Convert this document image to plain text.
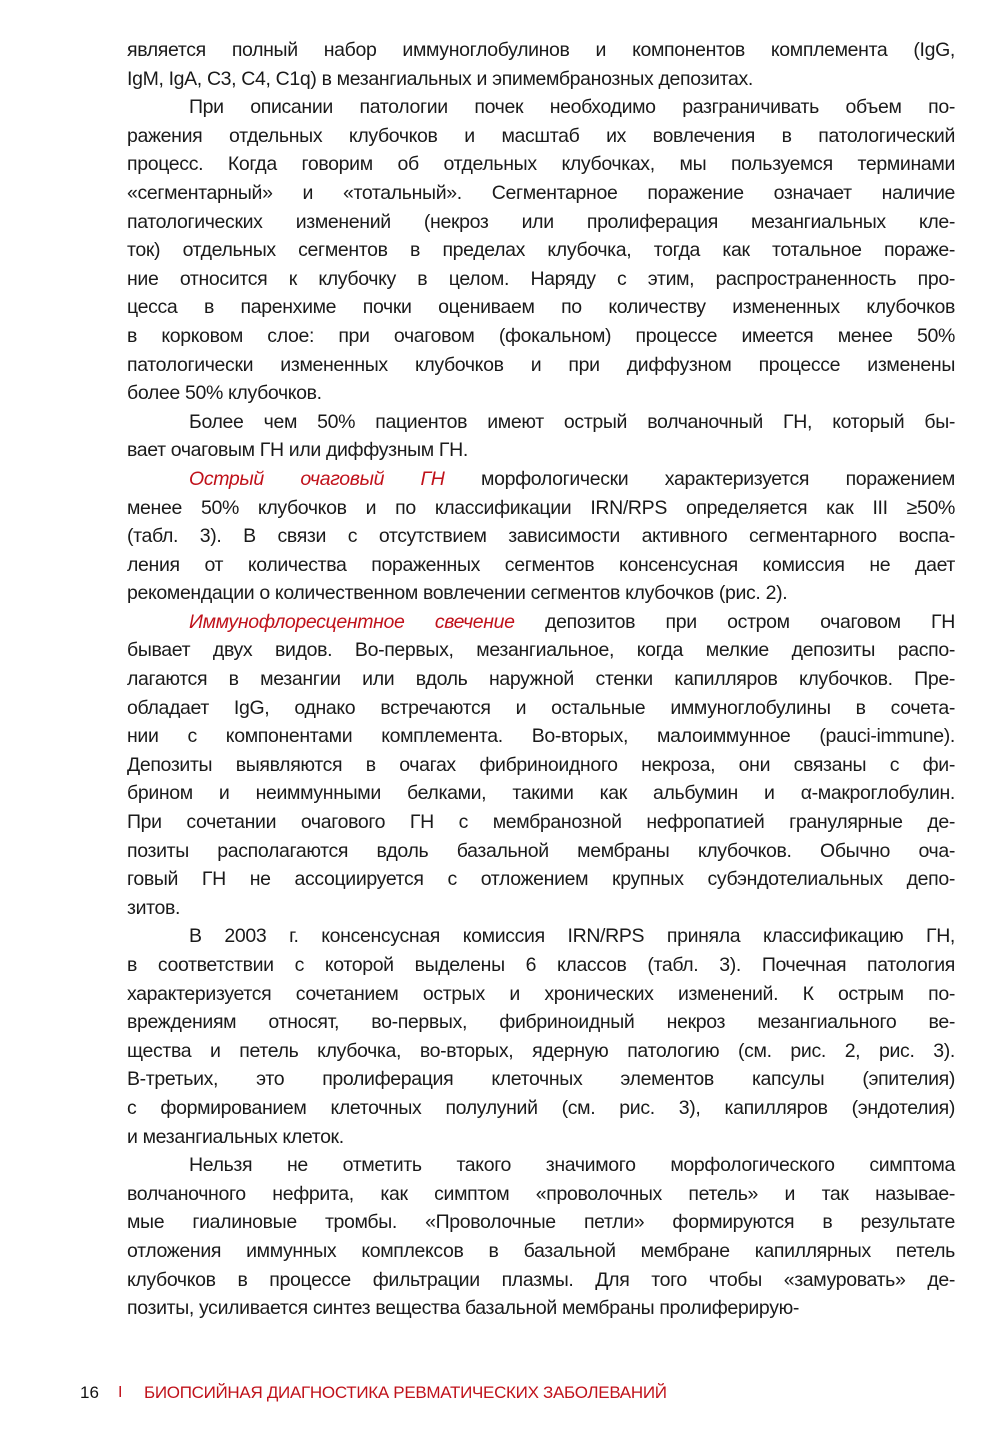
является полный набор иммуноглобулинов и компонентов комплемента (IgG,
IgM, IgA, C3, C4, C1q) в мезангиальных и эпимембранозных депозитах.
При описании патологии почек необходимо разграничивать объем по-
ражения отдельных клубочков и масштаб их вовлечения в патологический
процесс. Когда говорим об отдельных клубочках, мы пользуемся терминами
«сегментарный» и «тотальный». Сегментарное поражение означает наличие
патологических изменений (некроз или пролиферация мезангиальных кле-
ток) отдельных сегментов в пределах клубочка, тогда как тотальное пораже-
ние относится к клубочку в целом. Наряду с этим, распространенность про-
цесса в паренхиме почки оцениваем по количеству измененных клубочков
в корковом слое: при очаговом (фокальном) процессе имеется менее 50%
патологически измененных клубочков и при диффузном процессе изменены
более 50% клубочков.
Более чем 50% пациентов имеют острый волчаночный ГН, который бы-
вает очаговым ГН или диффузным ГН.
Острый очаговый ГН морфологически характеризуется поражением
менее 50% клубочков и по классификации IRN/RPS определяется как III ≥50%
(табл. 3). В связи с отсутствием зависимости активного сегментарного воспа-
ления от количества пораженных сегментов консенсусная комиссия не дает
рекомендации о количественном вовлечении сегментов клубочков (рис. 2).
Иммунофлоресцентное свечение депозитов при остром очаговом ГН
бывает двух видов. Во-первых, мезангиальное, когда мелкие депозиты распо-
лагаются в мезангии или вдоль наружной стенки капилляров клубочков. Пре-
обладает IgG, однако встречаются и остальные иммуноглобулины в сочета-
нии с компонентами комплемента. Во-вторых, малоиммунное (pauci-immune).
Депозиты выявляются в очагах фибриноидного некроза, они связаны с фи-
брином и неиммунными белками, такими как альбумин и α-макроглобулин.
При сочетании очагового ГН с мембранозной нефропатией гранулярные де-
позиты располагаются вдоль базальной мембраны клубочков. Обычно оча-
говый ГН не ассоциируется с отложением крупных субэндотелиальных депо-
зитов.
В 2003 г. консенсусная комиссия IRN/RPS приняла классификацию ГН,
в соответствии с которой выделены 6 классов (табл. 3). Почечная патология
характеризуется сочетанием острых и хронических изменений. К острым по-
вреждениям относят, во-первых, фибриноидный некроз мезангиального ве-
щества и петель клубочка, во-вторых, ядерную патологию (см. рис. 2, рис. 3).
В-третьих, это пролиферация клеточных элементов капсулы (эпителия)
с формированием клеточных полулуний (см. рис. 3), капилляров (эндотелия)
и мезангиальных клеток.
Нельзя не отметить такого значимого морфологического симптома
волчаночного нефрита, как симптом «проволочных петель» и так называе-
мые гиалиновые тромбы. «Проволочные петли» формируются в результате
отложения иммунных комплексов в базальной мембране капиллярных петель
клубочков в процессе фильтрации плазмы. Для того чтобы «замуровать» де-
позиты, усиливается синтез вещества базальной мембраны пролиферирую-
16	I	БИОПСИЙНАЯ ДИАГНОСТИКА РЕВМАТИЧЕСКИХ ЗАБОЛЕВАНИЙ
